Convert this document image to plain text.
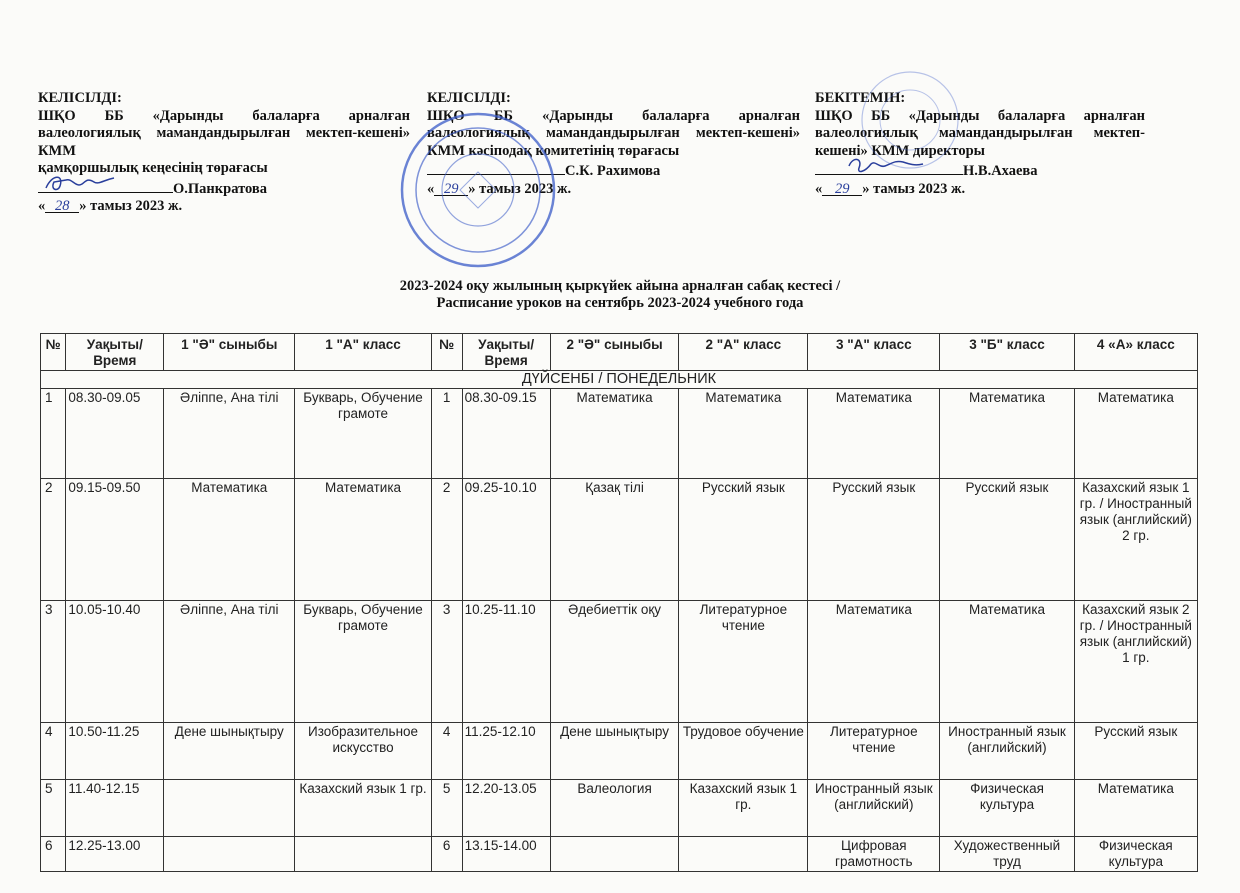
КЕЛІСІЛДІ:
ШҚО ББ «Дарынды балаларға арналған валеологиялық мамандандырылған мектеп-кешені» КММ
қамқоршылық кеңесінің төрағасы
О.Панкратова
« 28 » тамыз 2023 ж.
КЕЛІСІЛДІ:
ШҚО ББ «Дарынды балаларға арналған валеологиялық мамандандырылған мектеп-кешені» КММ кәсіподақ комитетінің төрағасы
С.К. Рахимова
« 29 » тамыз 2023 ж.
БЕКІТЕМІН:
ШҚО ББ «Дарынды балаларға арналған валеологиялық мамандандырылған мектеп-кешені» КММ директоры
Н.В.Ахаева
« 29 » тамыз 2023 ж.
2023-2024 оқу жылының қыркүйек айына арналған сабақ кестесі /
Расписание уроков на сентябрь 2023-2024 учебного года
№	Уақыты/ Время	1 "Ә" сыныбы	1 "А" класс	№	Уақыты/ Время	2 "Ә" сыныбы	2 "А" класс	3 "А" класс	3 "Б" класс	4 «А» класс
ДҮЙСЕНБІ / ПОНЕДЕЛЬНИК										
1	08.30-09.05	Әліппе, Ана тілі	Букварь, Обучение грамоте	1	08.30-09.15	Математика	Математика	Математика	Математика	Математика
2	09.15-09.50	Математика	Математика	2	09.25-10.10	Қазақ тілі	Русский язык	Русский язык	Русский язык	Казахский язык 1 гр. / Иностранный язык (английский) 2 гр.
3	10.05-10.40	Әліппе, Ана тілі	Букварь, Обучение грамоте	3	10.25-11.10	Әдебиеттік оқу	Литературное чтение	Математика	Математика	Казахский язык 2 гр. / Иностранный язык (английский) 1 гр.
4	10.50-11.25	Дене шынықтыру	Изобразительное искусство	4	11.25-12.10	Дене шынықтыру	Трудовое обучение	Литературное чтение	Иностранный язык (английский)	Русский язык
5	11.40-12.15		Казахский язык 1 гр.	5	12.20-13.05	Валеология	Казахский язык 1 гр.	Иностранный язык (английский)	Физическая культура	Математика
6	12.25-13.00			6	13.15-14.00			Цифровая грамотность	Художественный труд	Физическая культура
